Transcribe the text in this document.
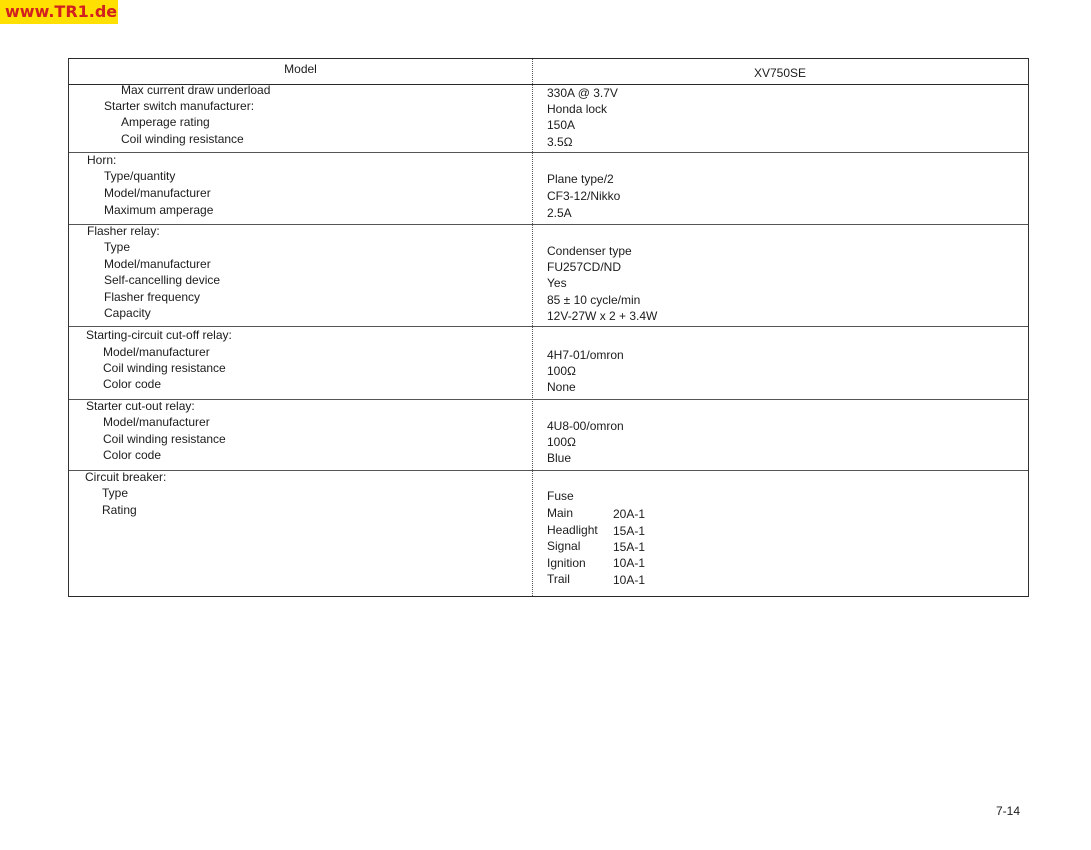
www.TR1.de
Model	XV750SE
Max current draw underload	330A @ 3.7V
Starter switch manufacturer:	Honda lock
Amperage rating	150A
Coil winding resistance	3.5Ω
Horn:
Type/quantity	Plane type/2
Model/manufacturer	CF3-12/Nikko
Maximum amperage	2.5A
Flasher relay:
Type	Condenser type
Model/manufacturer	FU257CD/ND
Self-cancelling device	Yes
Flasher frequency	85 ± 10 cycle/min
Capacity	12V-27W x 2 + 3.4W
Starting-circuit cut-off relay:
Model/manufacturer	4H7-01/omron
Coil winding resistance	100Ω
Color code	None
Starter cut-out relay:
Model/manufacturer	4U8-00/omron
Coil winding resistance	100Ω
Color code	Blue
Circuit breaker:
Type	Fuse
Rating	Main	20A-1
Headlight 15A-1
Signal	15A-1
Ignition 10A-1
Trail	10A-1
7-14
